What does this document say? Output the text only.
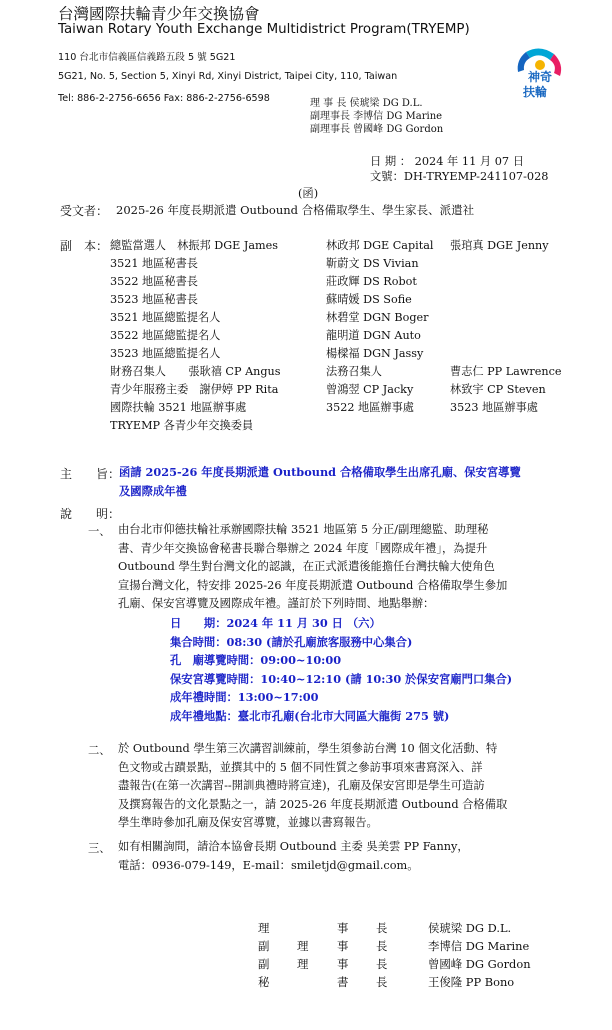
台灣國際扶輪青少年交換協會
Taiwan Rotary Youth Exchange Multidistrict Program(TRYEMP)
110 台北市信義區信義路五段 5 號 5G21
5G21, No. 5, Section 5, Xinyi Rd, Xinyi District, Taipei City, 110, Taiwan
Tel: 886-2-2756-6656 Fax: 886-2-2756-6598	理 事 長 侯琥梁 DG D.L.
副理事長 李博信 DG Marine
副理事長 曾國峰 DG Gordon
神奇
扶輪
日 期 ： 2024 年 11 月 07 日
文號：DH-TRYEMP-241107-028
(函)
受文者： 2025-26 年度長期派遣 Outbound 合格備取學生、學生家長、派遣社
副　本： 總監當選人　林振邦 DGE James	林政邦 DGE Capital 張琯真 DGE Jenny
3521 地區秘書長	靳蔚文 DS Vivian
3522 地區秘書長	莊政輝 DS Robot
3523 地區秘書長	蘇晴媛 DS Sofie
3521 地區總監提名人	林碧堂 DGN Boger
3522 地區總監提名人	龍明道 DGN Auto
3523 地區總監提名人	楊樑福 DGN Jassy
財務召集人　　張耿禧 CP Angus	法務召集人	曹志仁 PP Lawrence
青少年服務主委　謝伊婷 PP Rita	曾鴻翌 CP Jacky	林致宇 CP Steven
國際扶輪 3521 地區辦事處	3522 地區辦事處	3523 地區辦事處
TRYEMP 各青少年交換委員
主　　旨：
函請 2025-26 年度長期派遣 Outbound 合格備取學生出席孔廟、保安宮導覽
及國際成年禮
說　　明：
一、 由台北市仰德扶輪社承辦國際扶輪 3521 地區第 5 分正/副理總監、助理秘
書、青少年交換協會秘書長聯合舉辦之 2024 年度「國際成年禮」，為提升
Outbound 學生對台灣文化的認識，在正式派遣後能擔任台灣扶輪大使角色
宣揚台灣文化，特安排 2025-26 年度長期派遣 Outbound 合格備取學生參加
孔廟、保安宮導覽及國際成年禮。謹訂於下列時間、地點舉辦：
日　　期：2024 年 11 月 30 日 （六）
集合時間：08:30 (請於孔廟旅客服務中心集合)
孔　廟導覽時間：09:00~10:00
保安宮導覽時間：10:40~12:10 (請 10:30 於保安宮廟門口集合)
成年禮時間：13:00~17:00
成年禮地點：臺北市孔廟(台北市大同區大龍街 275 號)
二、 於 Outbound 學生第三次講習訓練前，學生須參訪台灣 10 個文化活動、特
色文物或古蹟景點，並撰其中的 5 個不同性質之參訪事項來書寫深入、詳
盡報告(在第一次講習--開訓典禮時將宣達)，孔廟及保安宮即是學生可造訪
及撰寫報告的文化景點之一，請 2025-26 年度長期派遣 Outbound 合格備取
學生準時參加孔廟及保安宮導覽，並據以書寫報告。
三、 如有相關詢問，請洽本協會長期 Outbound 主委 吳美雲 PP Fanny，
電話：0936-079-149，E-mail：smiletjd@gmail.com。
理	事 長	侯琥梁 DG D.L.
副 理	事 長	李博信 DG Marine
副 理	事 長	曾國峰 DG Gordon
秘	書 長	王俊隆 PP Bono
